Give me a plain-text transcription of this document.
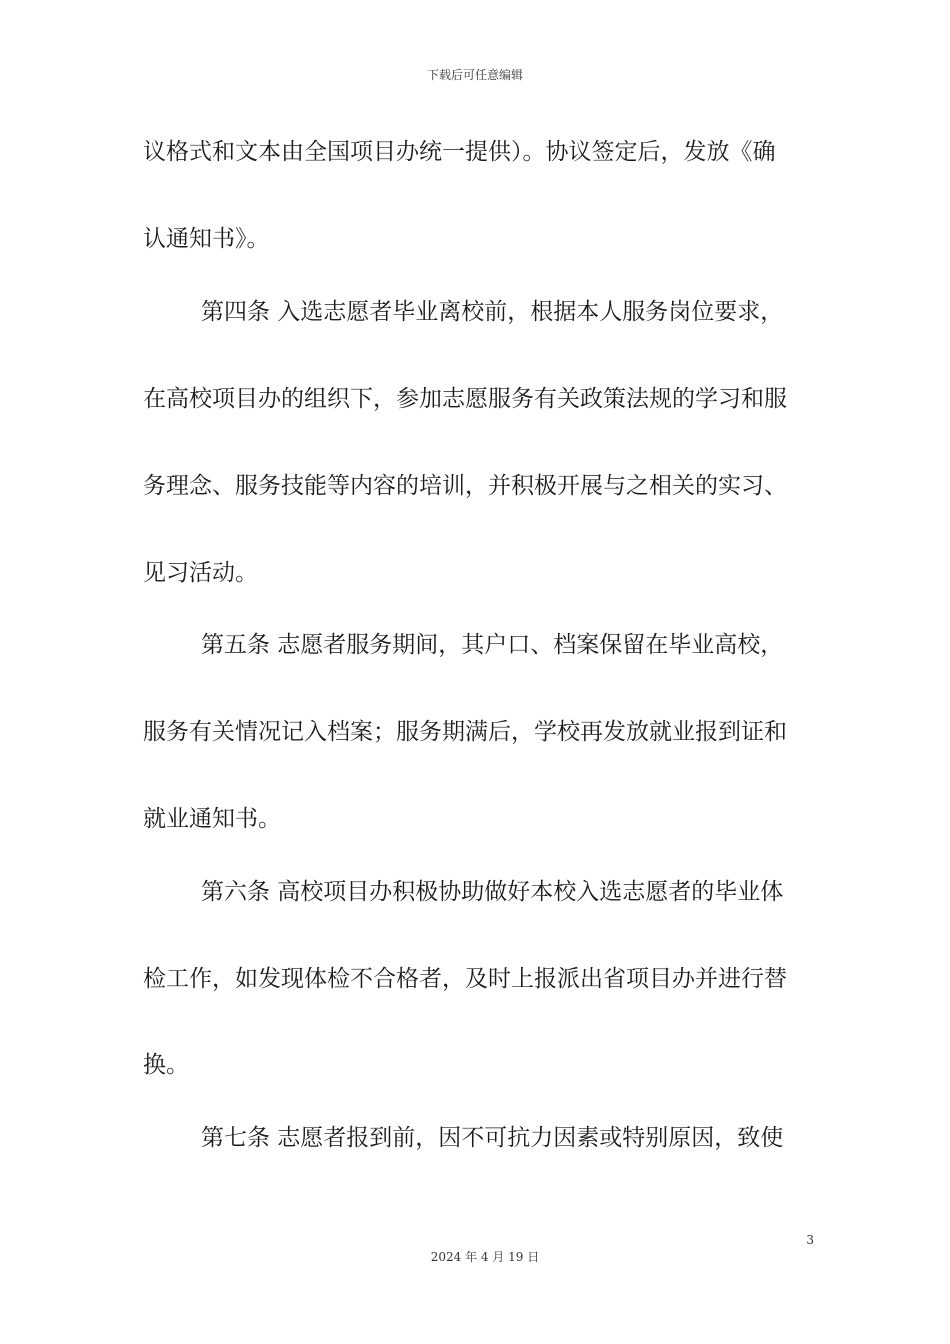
下载后可任意编辑
议格式和文本由全国项目办统一提供）。协议签定后，发放《确
认通知书》。
第四条 入选志愿者毕业离校前，根据本人服务岗位要求，
在高校项目办的组织下，参加志愿服务有关政策法规的学习和服
务理念、服务技能等内容的培训，并积极开展与之相关的实习、
见习活动。
第五条 志愿者服务期间，其户口、档案保留在毕业高校，
服务有关情况记入档案；服务期满后，学校再发放就业报到证和
就业通知书。
第六条 高校项目办积极协助做好本校入选志愿者的毕业体
检工作，如发现体检不合格者，及时上报派出省项目办并进行替
换。
第七条 志愿者报到前，因不可抗力因素或特别原因，致使
3
2024 年 4 月 19 日
